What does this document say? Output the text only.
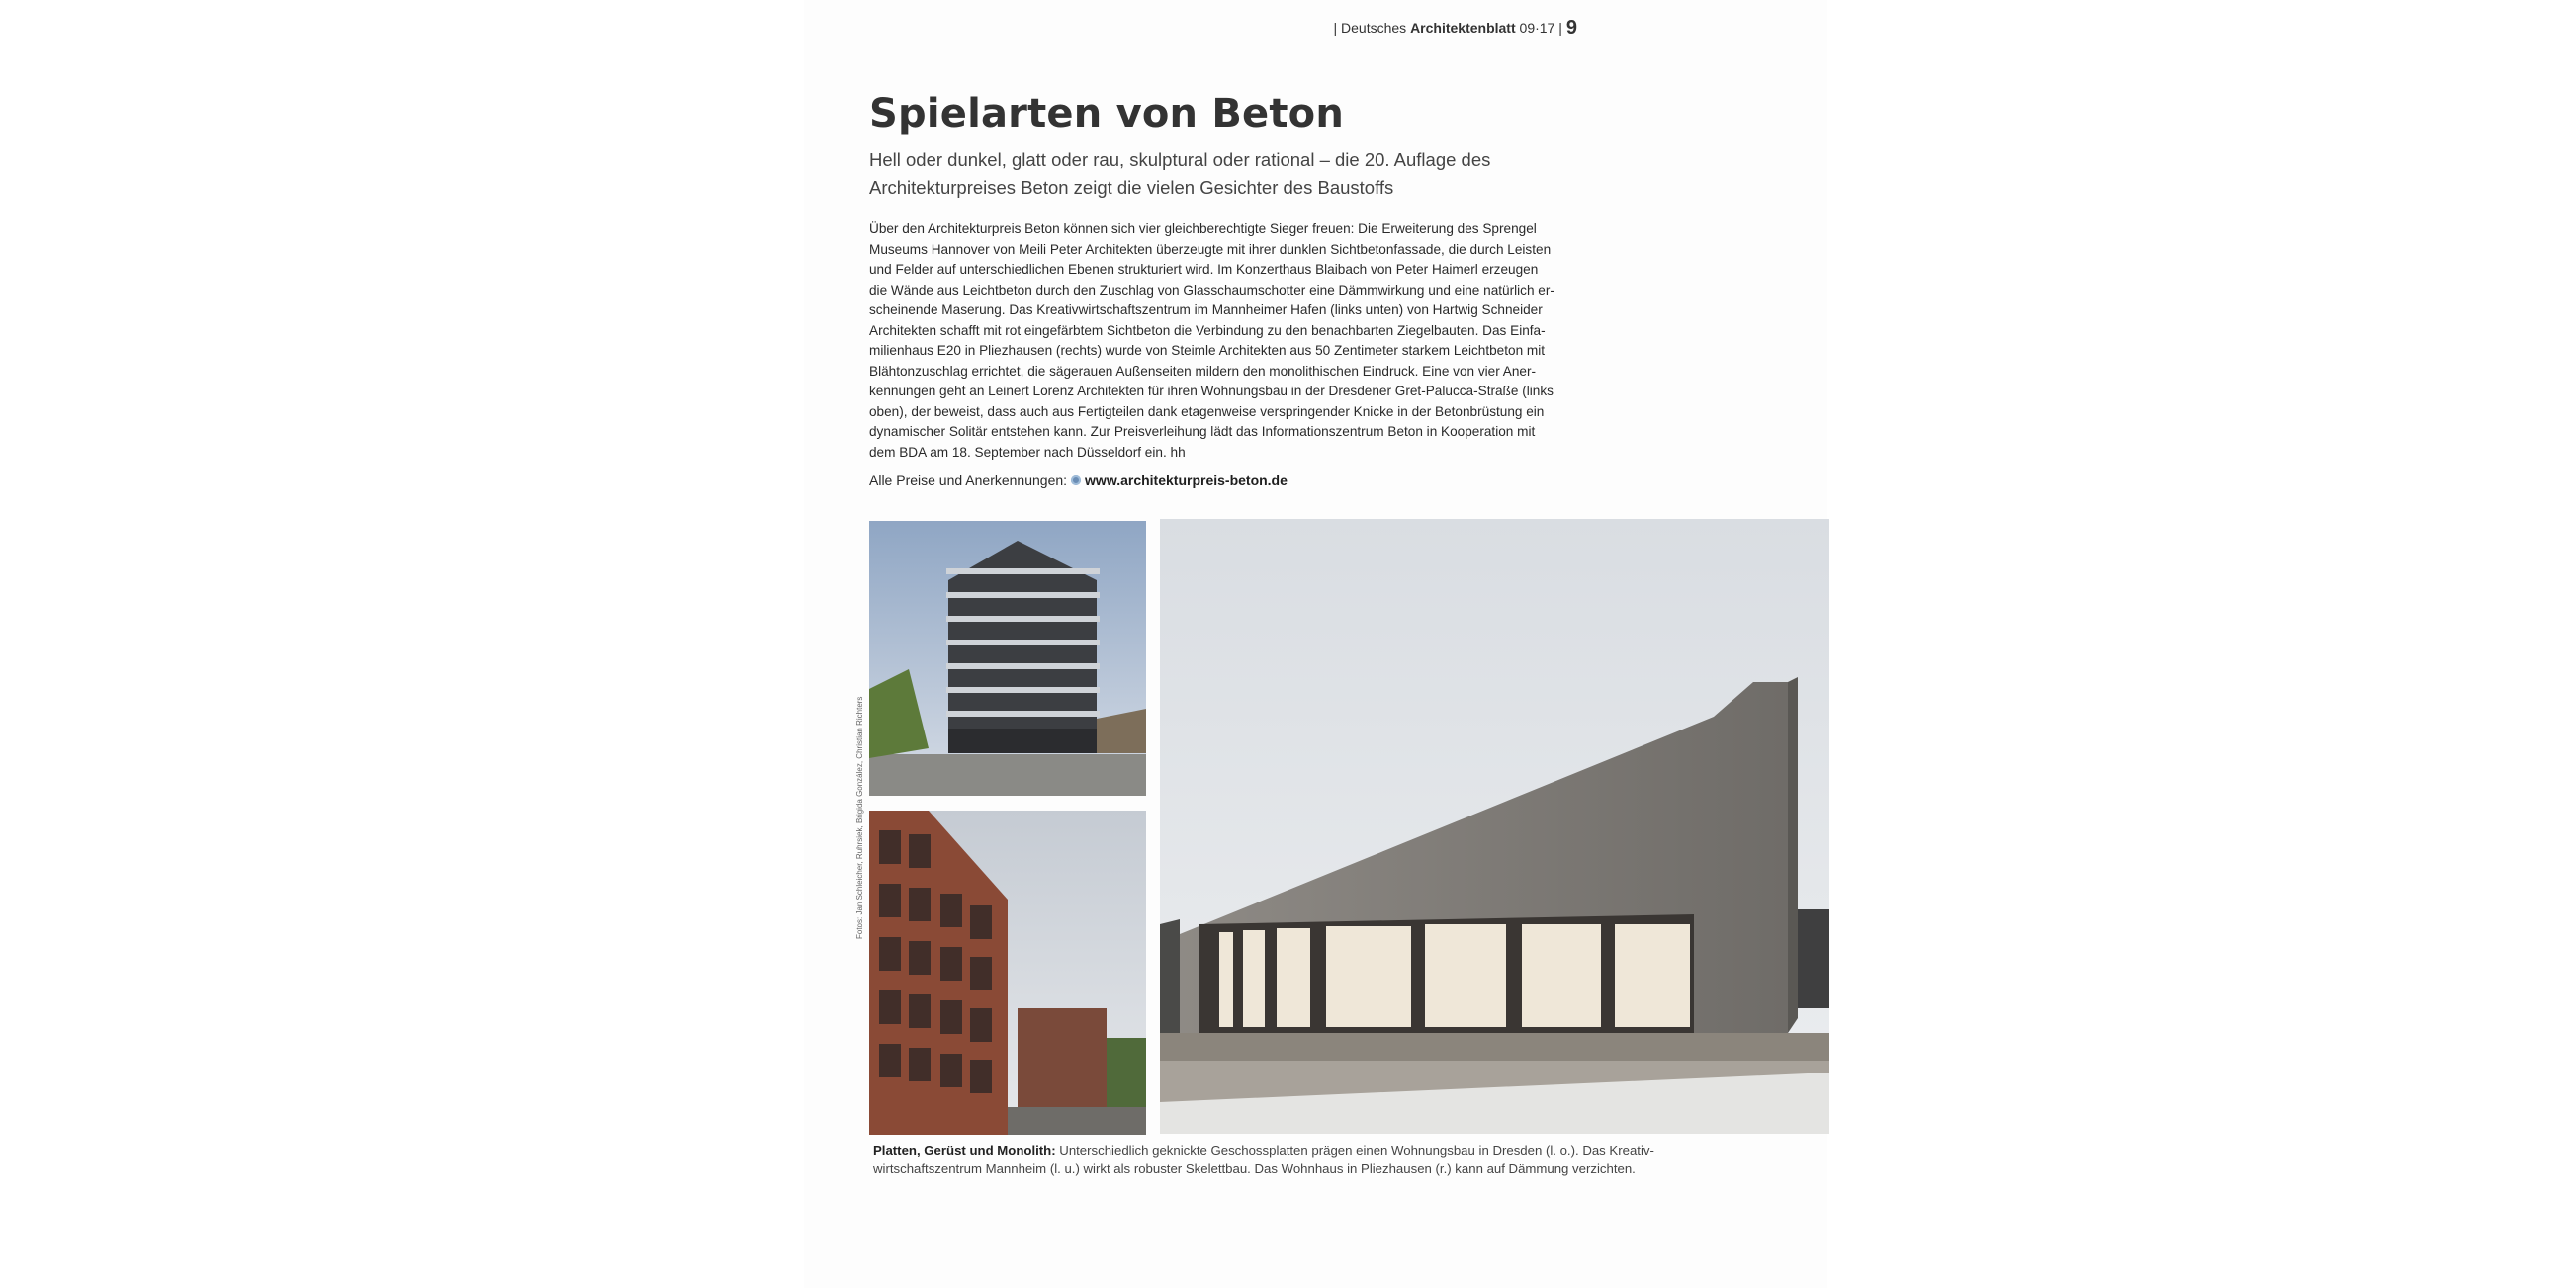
| Deutsches Architektenblatt 09·17 | 9
Spielarten von Beton
Hell oder dunkel, glatt oder rau, skulptural oder rational – die 20. Auflage des Architekturpreises Beton zeigt die vielen Gesichter des Baustoffs
Über den Architekturpreis Beton können sich vier gleichberechtigte Sieger freuen: Die Erweiterung des Sprengel
Museums Hannover von Meili Peter Architekten überzeugte mit ihrer dunklen Sichtbetonfassade, die durch Leisten
und Felder auf unterschiedlichen Ebenen strukturiert wird. Im Konzerthaus Blaibach von Peter Haimerl erzeugen
die Wände aus Leichtbeton durch den Zuschlag von Glasschaumschotter eine Dämmwirkung und eine natürlich er-
scheinende Maserung. Das Kreativwirtschaftszentrum im Mannheimer Hafen (links unten) von Hartwig Schneider
Architekten schafft mit rot eingefärbtem Sichtbeton die Verbindung zu den benachbarten Ziegelbauten. Das Einfa-
milienhaus E20 in Pliezhausen (rechts) wurde von Steimle Architekten aus 50 Zentimeter starkem Leichtbeton mit
Blähtonzuschlag errichtet, die sägerauen Außenseiten mildern den monolithischen Eindruck. Eine von vier Aner-
kennungen geht an Leinert Lorenz Architekten für ihren Wohnungsbau in der Dresdener Gret-Palucca-Straße (links
oben), der beweist, dass auch aus Fertigteilen dank etagenweise verspringender Knicke in der Betonbrüstung ein
dynamischer Solitär entstehen kann. Zur Preisverleihung lädt das Informationszentrum Beton in Kooperation mit
dem BDA am 18. September nach Düsseldorf ein. hh
Alle Preise und Anerkennungen: www.architekturpreis-beton.de
Fotos: Jan Schleicher, Ruhrsiek, Brigida González, Christian Richters
Platten, Gerüst und Monolith: Unterschiedlich geknickte Geschossplatten prägen einen Wohnungsbau in Dresden (l. o.). Das Kreativ-wirtschaftszentrum Mannheim (l. u.) wirkt als robuster Skelettbau. Das Wohnhaus in Pliezhausen (r.) kann auf Dämmung verzichten.
